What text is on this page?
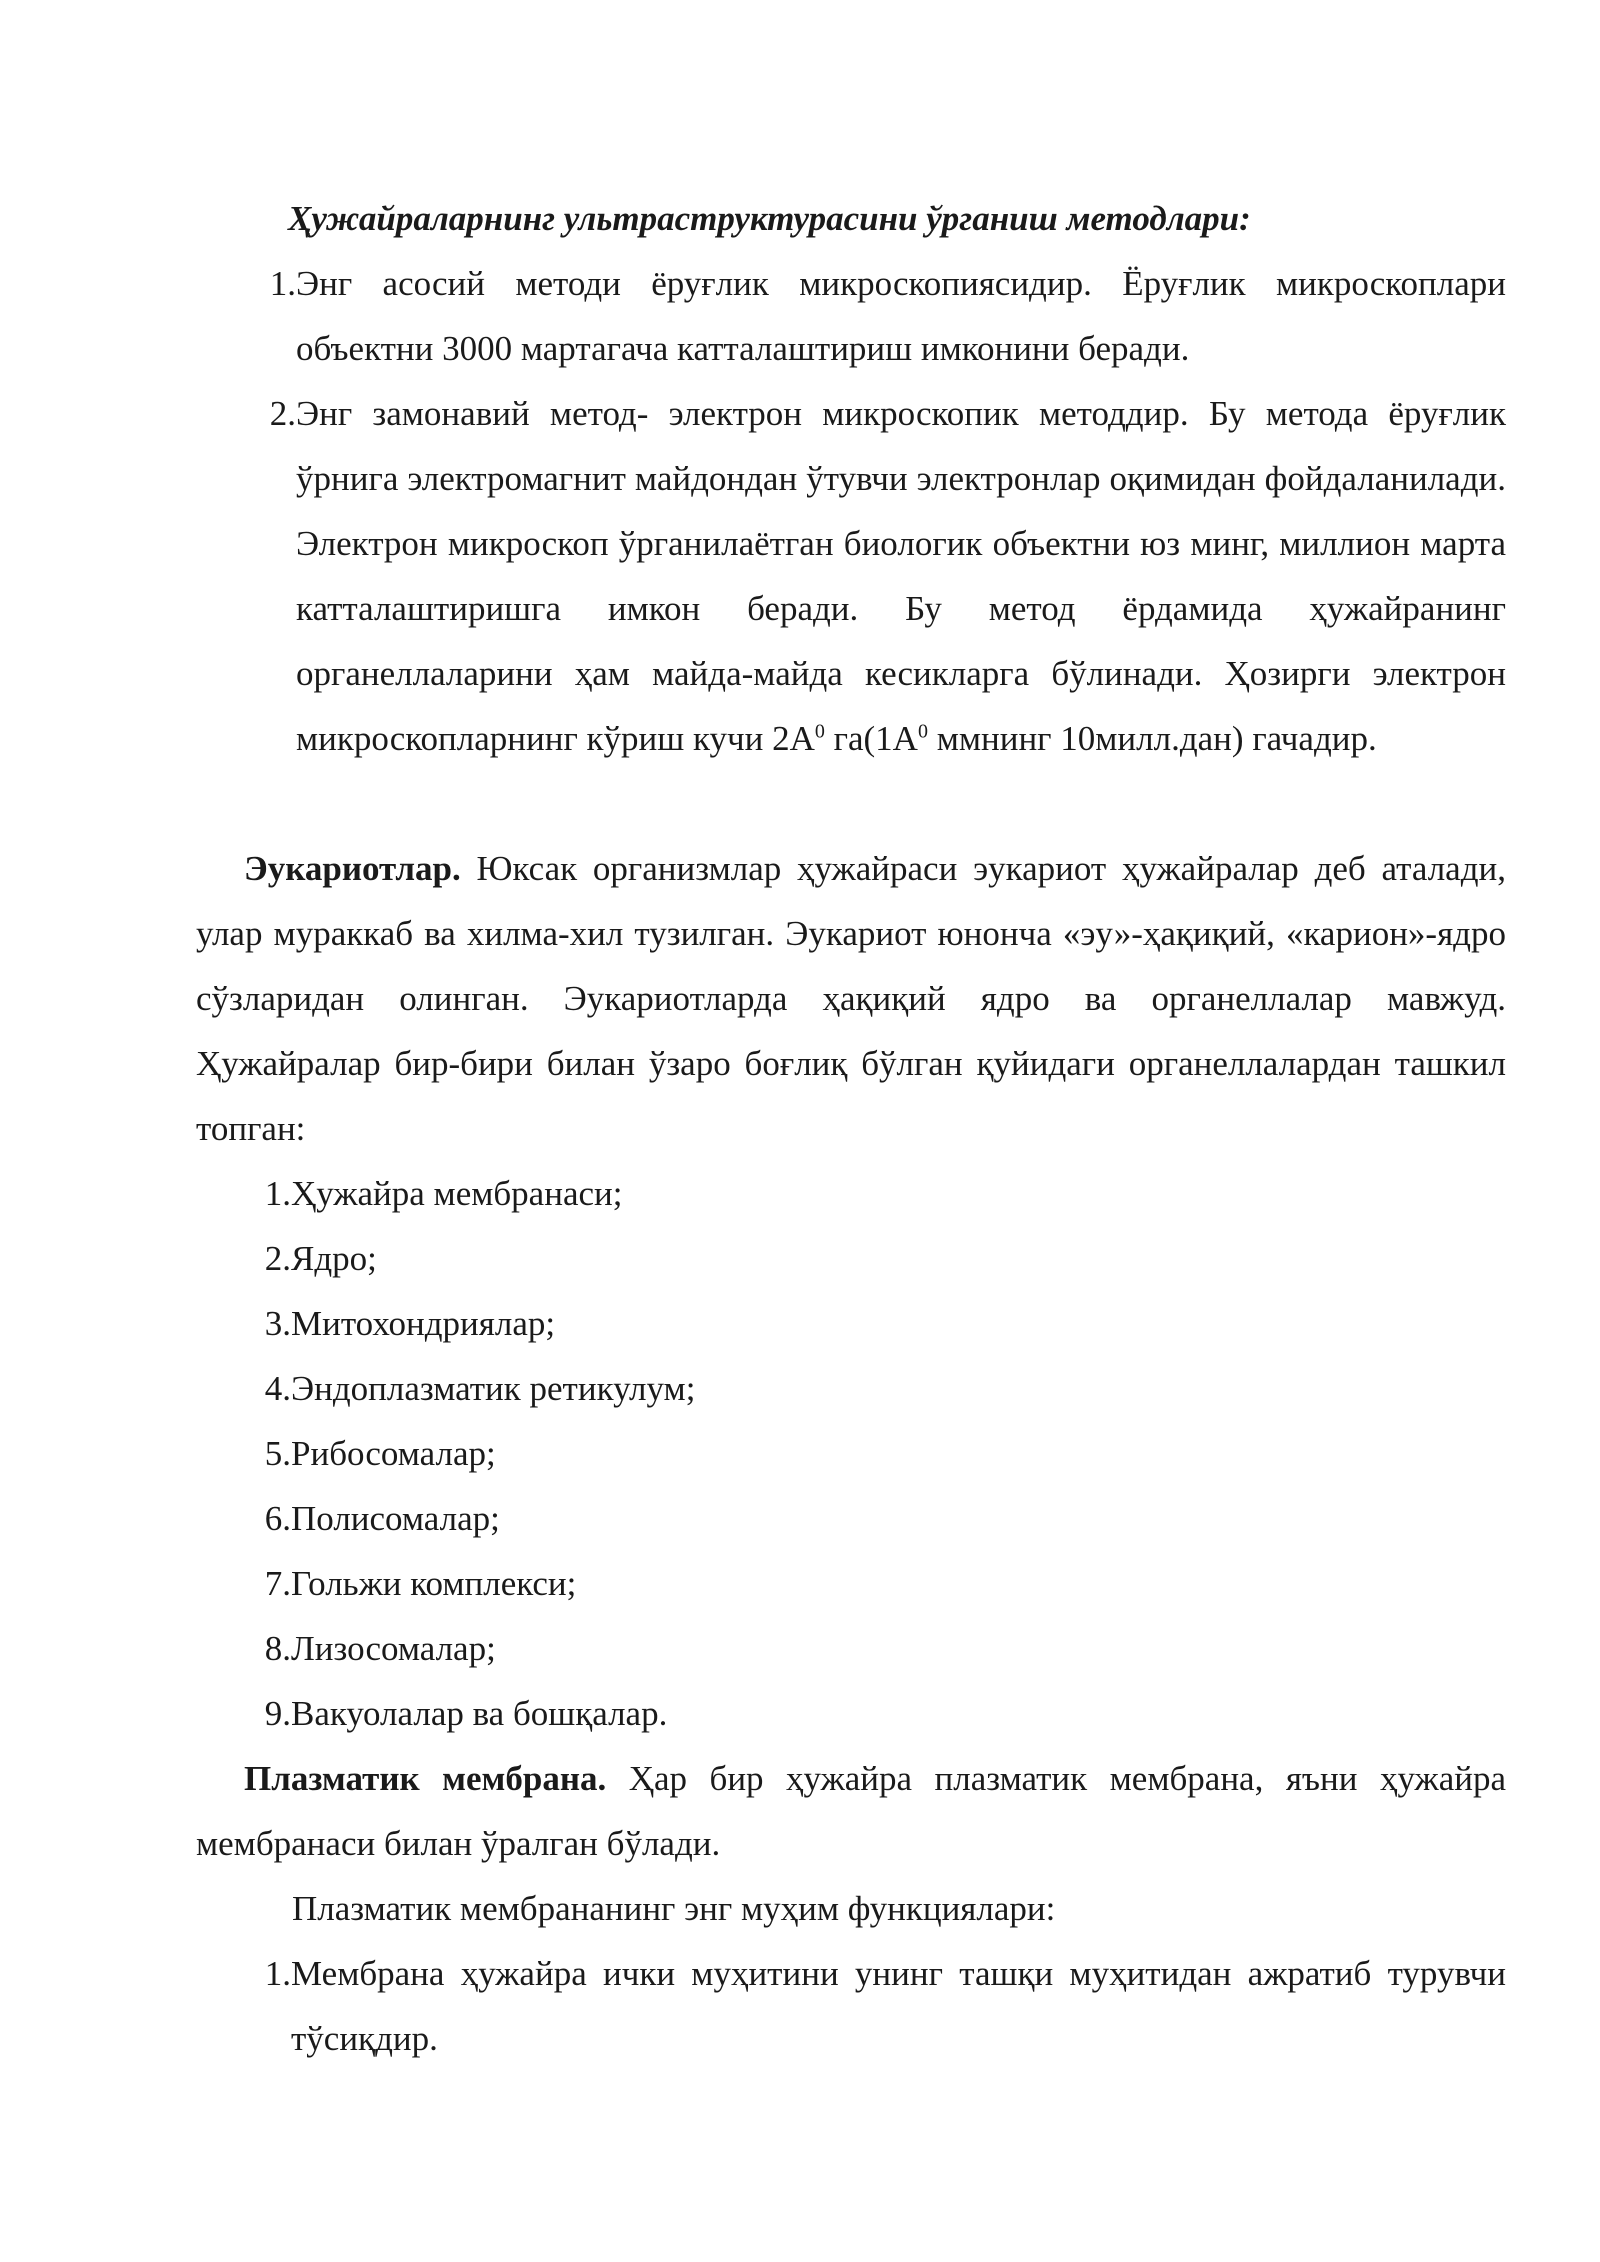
Ҳужайраларнинг ультраструктурасини ўрганиш методлари:
1. Энг асосий методи ёруғлик микроскопиясидир. Ёруғлик микроскоплари объектни 3000 мартагача катталаштириш имконини беради.
2. Энг замонавий метод- электрон микроскопик методдир. Бу метода ёруғлик ўрнига электромагнит майдондан ўтувчи электронлар оқимидан фойдаланилади. Электрон микроскоп ўрганилаётган биологик объектни юз минг, миллион марта катталаштиришга имкон беради. Бу метод ёрдамида ҳужайранинг органеллаларини ҳам майда-майда кесикларга бўлинади. Ҳозирги электрон микроскопларнинг кўриш кучи $2А^0$ $га(1А^0$ ммнинг 10милл.дан) гачадир.
Эукариотлар. Юксак организмлар ҳужайраси эукариот ҳужайралар деб аталади, улар мураккаб ва хилма-хил тузилган. Эукариот юнонча «эу»-ҳақиқий, «карион»-ядро сўзларидан олинган. Эукариотларда ҳақиқий ядро ва органеллалар мавжуд. Ҳужайралар бир-бири билан ўзаро боғлиқ бўлган қуйидаги органеллалардан ташкил топган:
1. Ҳужайра мембранаси;
2. Ядро;
3. Митохондриялар;
4. Эндоплазматик ретикулум;
5. Рибосомалар;
6. Полисомалар;
7. Гольжи комплекси;
8. Лизосомалар;
9. Вакуолалар ва бошқалар.
Плазматик мембрана. Ҳар бир ҳужайра плазматик мембрана, яъни ҳужайра мембранаси билан ўралган бўлади.
Плазматик мембрананинг энг муҳим функциялари:
1. Мембрана ҳужайра ички муҳитини унинг ташқи муҳитидан ажратиб турувчи тўсиқдир.
